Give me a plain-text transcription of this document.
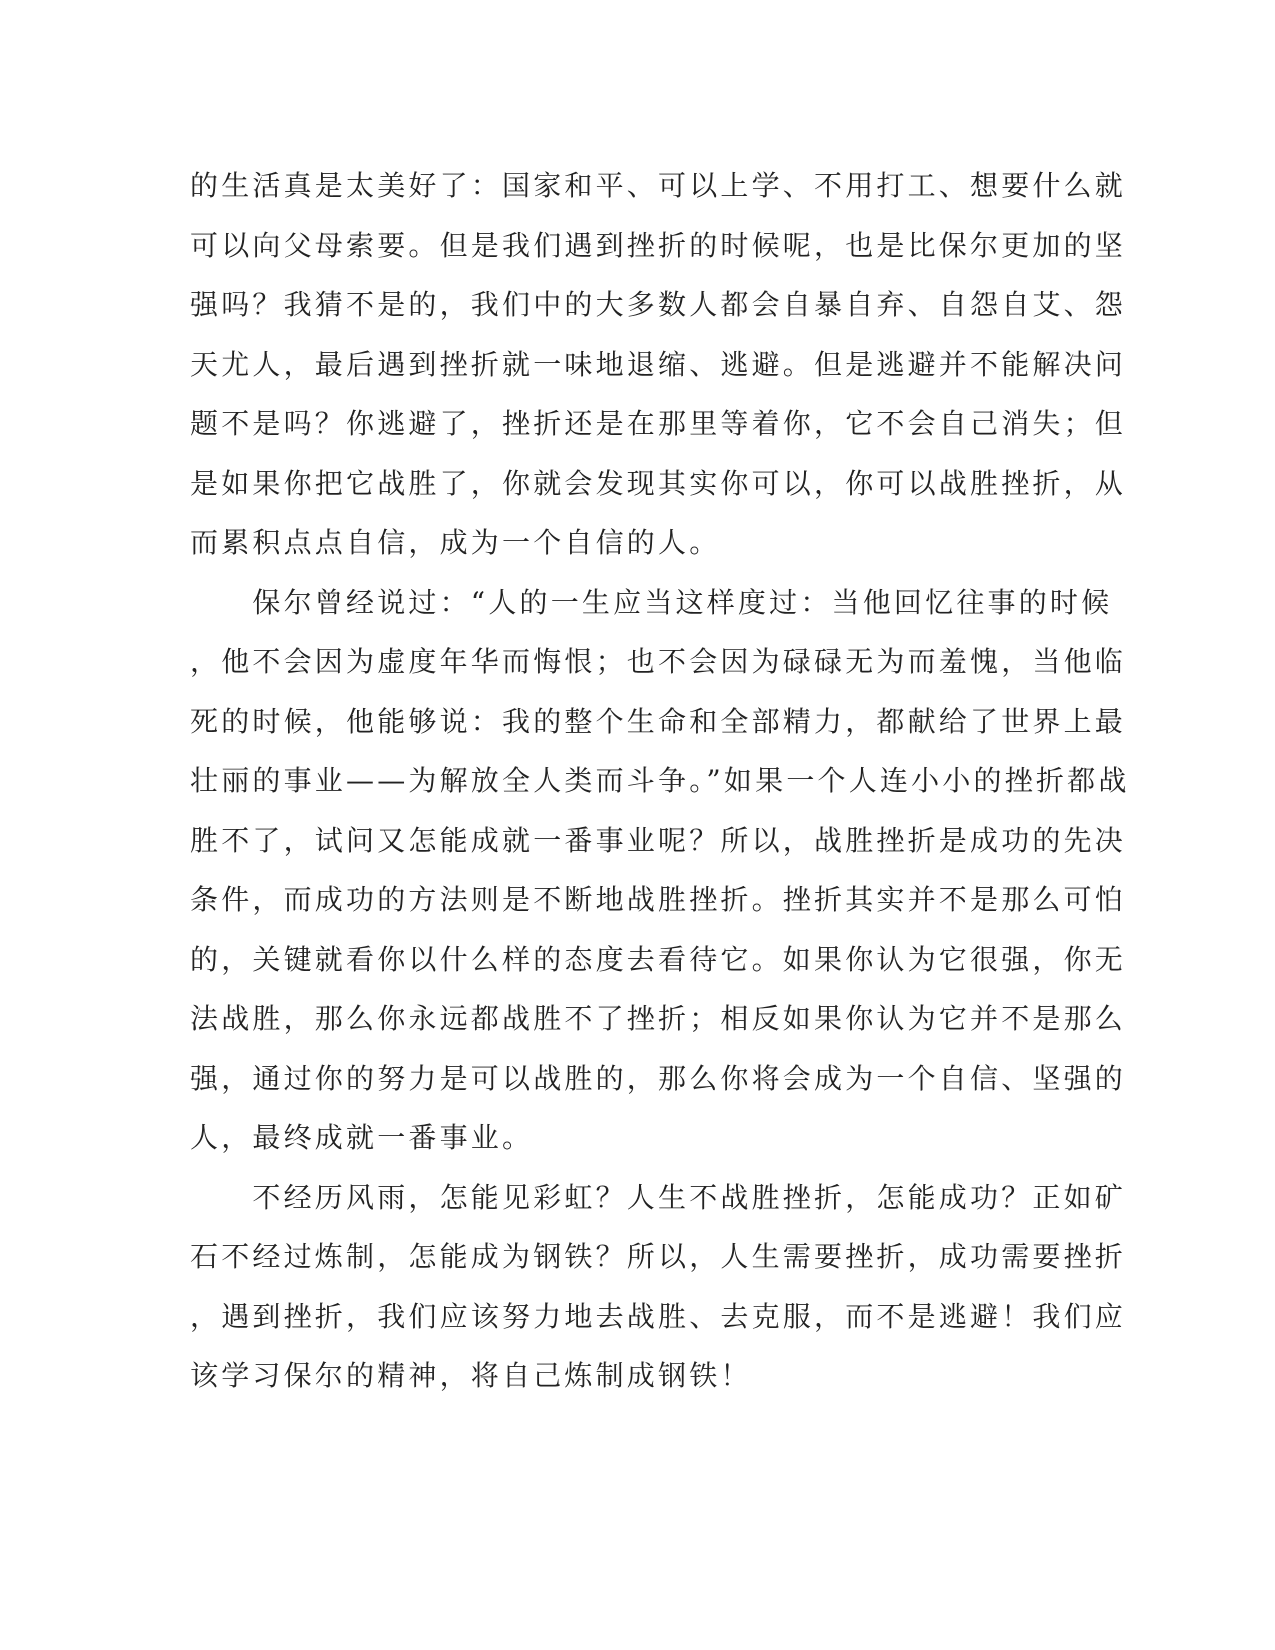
的生活真是太美好了：国家和平、可以上学、不用打工、想要什么就
可以向父母索要。但是我们遇到挫折的时候呢，也是比保尔更加的坚
强吗？我猜不是的，我们中的大多数人都会自暴自弃、自怨自艾、怨
天尤人，最后遇到挫折就一味地退缩、逃避。但是逃避并不能解决问
题不是吗？你逃避了，挫折还是在那里等着你，它不会自己消失；但
是如果你把它战胜了，你就会发现其实你可以，你可以战胜挫折，从
而累积点点自信，成为一个自信的人。
　　保尔曾经说过：“人的一生应当这样度过：当他回忆往事的时候
，他不会因为虚度年华而悔恨；也不会因为碌碌无为而羞愧，当他临
死的时候，他能够说：我的整个生命和全部精力，都献给了世界上最
壮丽的事业——为解放全人类而斗争。”如果一个人连小小的挫折都战
胜不了，试问又怎能成就一番事业呢？所以，战胜挫折是成功的先决
条件，而成功的方法则是不断地战胜挫折。挫折其实并不是那么可怕
的，关键就看你以什么样的态度去看待它。如果你认为它很强，你无
法战胜，那么你永远都战胜不了挫折；相反如果你认为它并不是那么
强，通过你的努力是可以战胜的，那么你将会成为一个自信、坚强的
人，最终成就一番事业。
　　不经历风雨，怎能见彩虹？人生不战胜挫折，怎能成功？正如矿
石不经过炼制，怎能成为钢铁？所以，人生需要挫折，成功需要挫折
，遇到挫折，我们应该努力地去战胜、去克服，而不是逃避！我们应
该学习保尔的精神，将自己炼制成钢铁！
